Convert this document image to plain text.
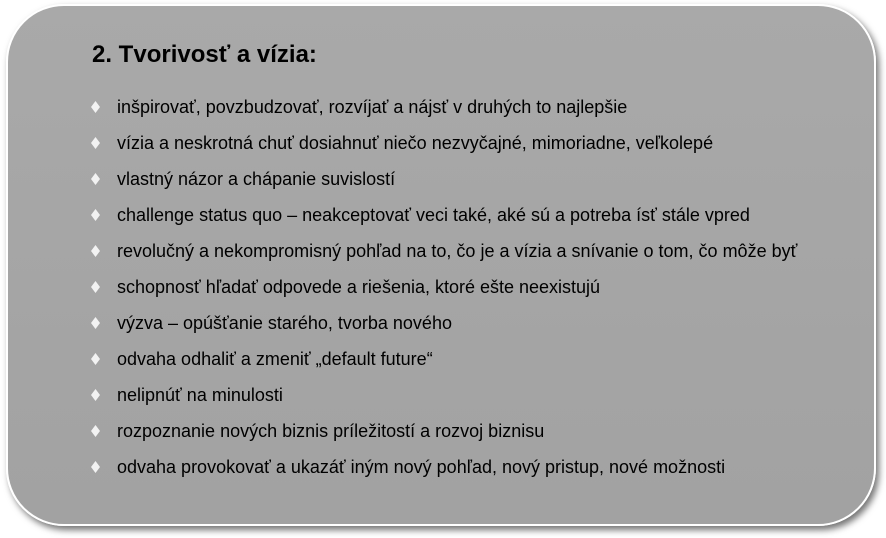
2. Tvorivosť a vízia:
inšpirovať, povzbudzovať, rozvíjať a nájsť v druhých to najlepšie
vízia a neskrotná chuť dosiahnuť niečo nezvyčajné, mimoriadne, veľkolepé
vlastný názor a chápanie suvislostí
challenge status quo – neakceptovať veci také, aké sú a potreba ísť stále vpred
revolučný a nekompromisný pohľad na to, čo je a vízia a snívanie o tom, čo môže byť
schopnosť hľadať odpovede a riešenia, ktoré ešte neexistujú
výzva – opúšťanie starého, tvorba nového
odvaha odhaliť a zmeniť „default future“
nelipnúť na minulosti
rozpoznanie nových biznis príležitostí a rozvoj biznisu
odvaha provokovať a ukazáť iným nový pohľad, nový pristup, nové možnosti
